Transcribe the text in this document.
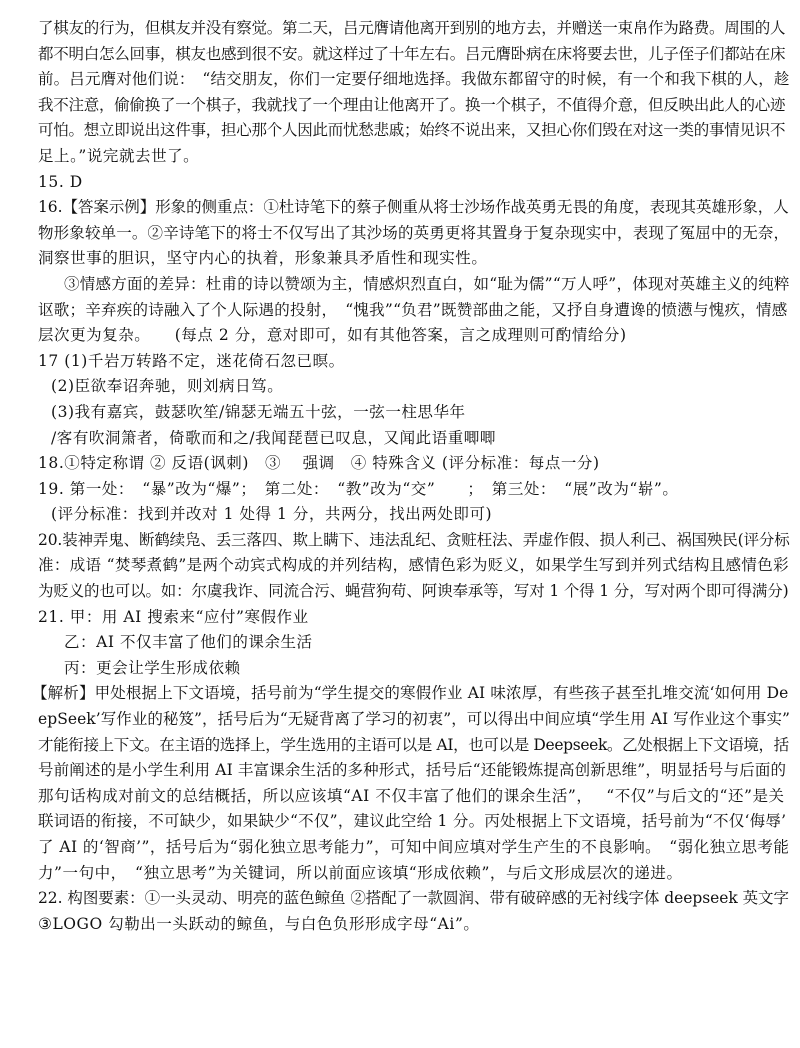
了棋友的行为，但棋友并没有察觉。第二天，吕元膺请他离开到别的地方去，并赠送一束帛作为路费。周围的人
都不明白怎么回事，棋友也感到很不安。就这样过了十年左右。吕元膺卧病在床将要去世，儿子侄子们都站在床
前。吕元膺对他们说：　“结交朋友，你们一定要仔细地选择。我做东都留守的时候，有一个和我下棋的人，趁
我不注意，偷偷换了一个棋子，我就找了一个理由让他离开了。换一个棋子，不值得介意，但反映出此人的心迹
可怕。想立即说出这件事，担心那个人因此而忧愁悲戚；始终不说出来，又担心你们毁在对这一类的事情见识不
足上。”说完就去世了。
15. D
16.【答案示例】形象的侧重点：①杜诗笔下的蔡子侧重从将士沙场作战英勇无畏的角度，表现其英雄形象，人
物形象较单一。②辛诗笔下的将士不仅写出了其沙场的英勇更将其置身于复杂现实中，表现了冤屈中的无奈，
洞察世事的胆识，坚守内心的执着，形象兼具矛盾性和现实性。
③情感方面的差异：杜甫的诗以赞颂为主，情感炽烈直白，如“耻为儒”“万人呼”，体现对英雄主义的纯粹
讴歌；辛弃疾的诗融入了个人际遇的投射，　“愧我”“负君”既赞部曲之能，又抒自身遭谗的愤懑与愧疚，情感
层次更为复杂。　　(每点 2 分，意对即可，如有其他答案，言之成理则可酌情给分)
17 (1)千岩万转路不定，迷花倚石忽已暝。
(2)臣欲奉诏奔驰，则刘病日笃。
(3)我有嘉宾，鼓瑟吹笙/锦瑟无端五十弦，一弦一柱思华年
/客有吹洞箫者，倚歌而和之/我闻琵琶已叹息，又闻此语重唧唧
18.①特定称谓 ② 反语(讽刺)　③　 强调　④ 特殊含义 (评分标准：每点一分)
19. 第一处：　“暴”改为“爆”；　第二处：　“教”改为“交”　　；　第三处：　“展”改为“崭”。
(评分标准：找到并改对 1 处得 1 分，共两分，找出两处即可)
20.装神弄鬼、断鹤续凫、丢三落四、欺上瞒下、违法乱纪、贪赃枉法、弄虚作假、损人利己、祸国殃民(评分标
准：成语 “焚琴煮鹤”是两个动宾式构成的并列结构，感情色彩为贬义，如果学生写到并列式结构且感情色彩
为贬义的也可以。如：尔虞我诈、同流合污、蝇营狗苟、阿谀奉承等，写对 1 个得 1 分，写对两个即可得满分)
21. 甲：用 AI 搜索来“应付”寒假作业
乙：AI 不仅丰富了他们的课余生活
丙：更会让学生形成依赖
【解析】甲处根据上下文语境，括号前为“学生提交的寒假作业 AI 味浓厚，有些孩子甚至扎堆交流‘如何用 De
epSeek’写作业的秘笈”，括号后为“无疑背离了学习的初衷”，可以得出中间应填“学生用 AI 写作业这个事实”
才能衔接上下文。在主语的选择上，学生选用的主语可以是 AI，也可以是 Deepseek。乙处根据上下文语境，括
号前阐述的是小学生利用 AI 丰富课余生活的多种形式，括号后“还能锻炼提高创新思维”，明显括号与后面的
那句话构成对前文的总结概括，所以应该填“AI 不仅丰富了他们的课余生活”，　 “不仅”与后文的“还”是关
联词语的衔接，不可缺少，如果缺少“不仅”，建议此空给 1 分。丙处根据上下文语境，括号前为“不仅‘侮辱’
了 AI 的‘智商’”，括号后为“弱化独立思考能力”，可知中间应填对学生产生的不良影响。　“弱化独立思考能
力”一句中，　“独立思考”为关键词，所以前面应该填“形成依赖”，与后文形成层次的递进。
22. 构图要素：①一头灵动、明亮的蓝色鲸鱼 ②搭配了一款圆润、带有破碎感的无衬线字体 deepseek 英文字
③LOGO 勾勒出一头跃动的鲸鱼，与白色负形形成字母“Ai”。
